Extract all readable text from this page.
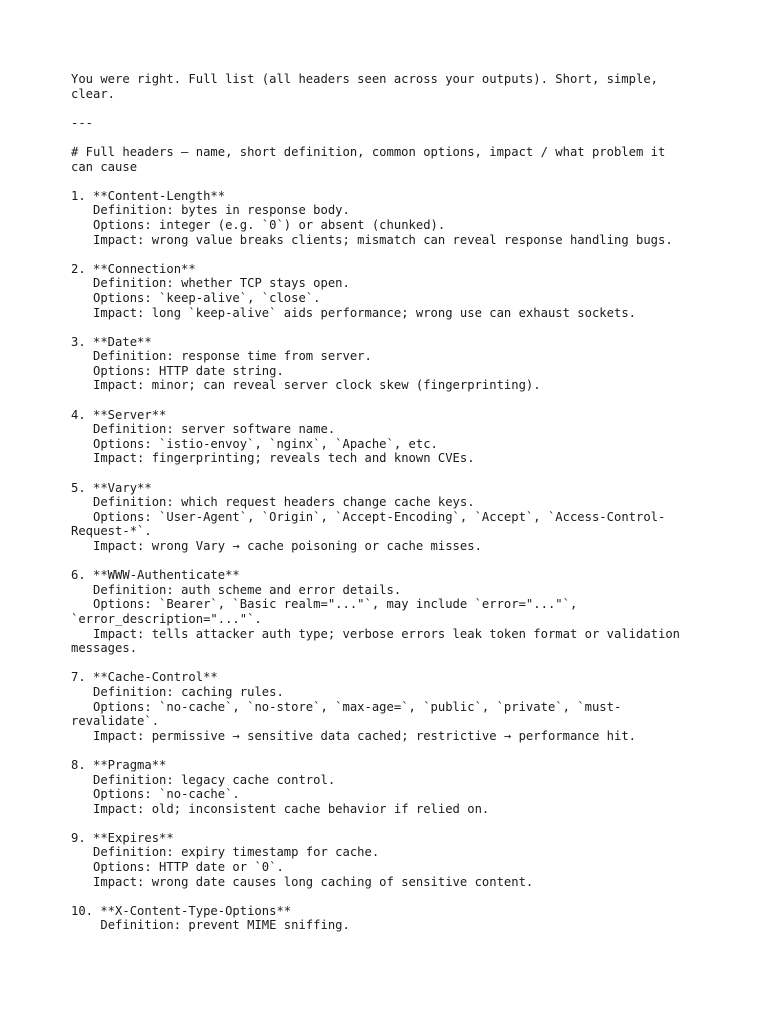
You were right. Full list (all headers seen across your outputs). Short, simple,
clear.
---
# Full headers — name, short definition, common options, impact / what problem it
can cause
1. **Content-Length**
Definition: bytes in response body.
Options: integer (e.g. `0`) or absent (chunked).
Impact: wrong value breaks clients; mismatch can reveal response handling bugs.
2. **Connection**
Definition: whether TCP stays open.
Options: `keep-alive`, `close`.
Impact: long `keep-alive` aids performance; wrong use can exhaust sockets.
3. **Date**
Definition: response time from server.
Options: HTTP date string.
Impact: minor; can reveal server clock skew (fingerprinting).
4. **Server**
Definition: server software name.
Options: `istio-envoy`, `nginx`, `Apache`, etc.
Impact: fingerprinting; reveals tech and known CVEs.
5. **Vary**
Definition: which request headers change cache keys.
Options: `User-Agent`, `Origin`, `Accept-Encoding`, `Accept`, `Access-Control-
Request-*`.
Impact: wrong Vary → cache poisoning or cache misses.
6. **WWW-Authenticate**
Definition: auth scheme and error details.
Options: `Bearer`, `Basic realm="..."`, may include `error="..."`,
`error_description="..."`.
Impact: tells attacker auth type; verbose errors leak token format or validation
messages.
7. **Cache-Control**
Definition: caching rules.
Options: `no-cache`, `no-store`, `max-age=`, `public`, `private`, `must-
revalidate`.
Impact: permissive → sensitive data cached; restrictive → performance hit.
8. **Pragma**
Definition: legacy cache control.
Options: `no-cache`.
Impact: old; inconsistent cache behavior if relied on.
9. **Expires**
Definition: expiry timestamp for cache.
Options: HTTP date or `0`.
Impact: wrong date causes long caching of sensitive content.
10. **X-Content-Type-Options**
Definition: prevent MIME sniffing.
